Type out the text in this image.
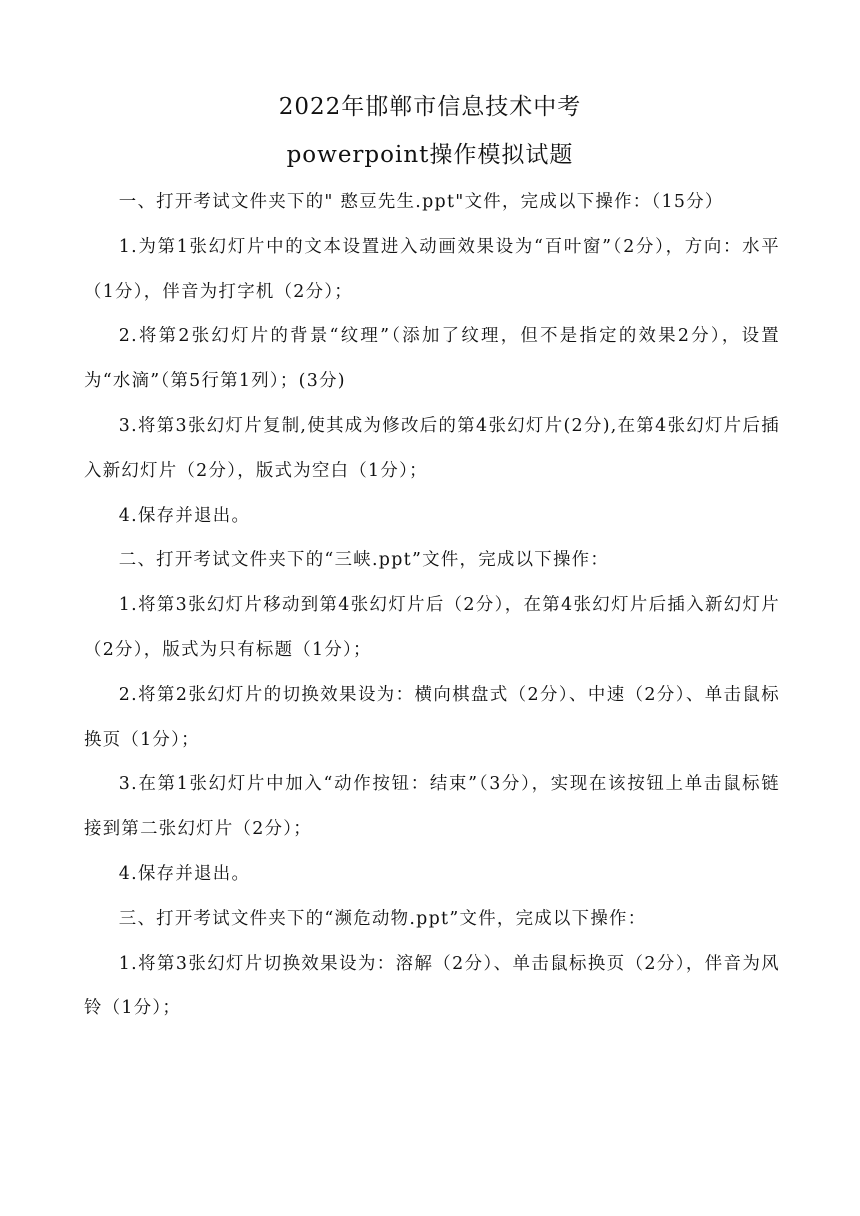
2022年邯郸市信息技术中考
powerpoint操作模拟试题

一、打开考试文件夹下的" 憨豆先生.ppt"文件，完成以下操作：（15分）

1.为第1张幻灯片中的文本设置进入动画效果设为“百叶窗”（2分），方向：水平（1分），伴音为打字机（2分）；

2.将第2张幻灯片的背景“纹理”（添加了纹理，但不是指定的效果2分），设置为“水滴”（第5行第1列）；(3分)

3.将第3张幻灯片复制,使其成为修改后的第4张幻灯片(2分),在第4张幻灯片后插入新幻灯片（2分），版式为空白（1分）；

4.保存并退出。

二、打开考试文件夹下的“三峡.ppt”文件，完成以下操作：

1.将第3张幻灯片移动到第4张幻灯片后（2分），在第4张幻灯片后插入新幻灯片（2分），版式为只有标题（1分）；

2.将第2张幻灯片的切换效果设为：横向棋盘式（2分）、中速（2分）、单击鼠标换页（1分）；

3.在第1张幻灯片中加入“动作按钮：结束”（3分），实现在该按钮上单击鼠标链接到第二张幻灯片（2分）；

4.保存并退出。

三、打开考试文件夹下的“濒危动物.ppt”文件，完成以下操作：

1.将第3张幻灯片切换效果设为：溶解（2分）、单击鼠标换页（2分），伴音为风铃（1分）；
